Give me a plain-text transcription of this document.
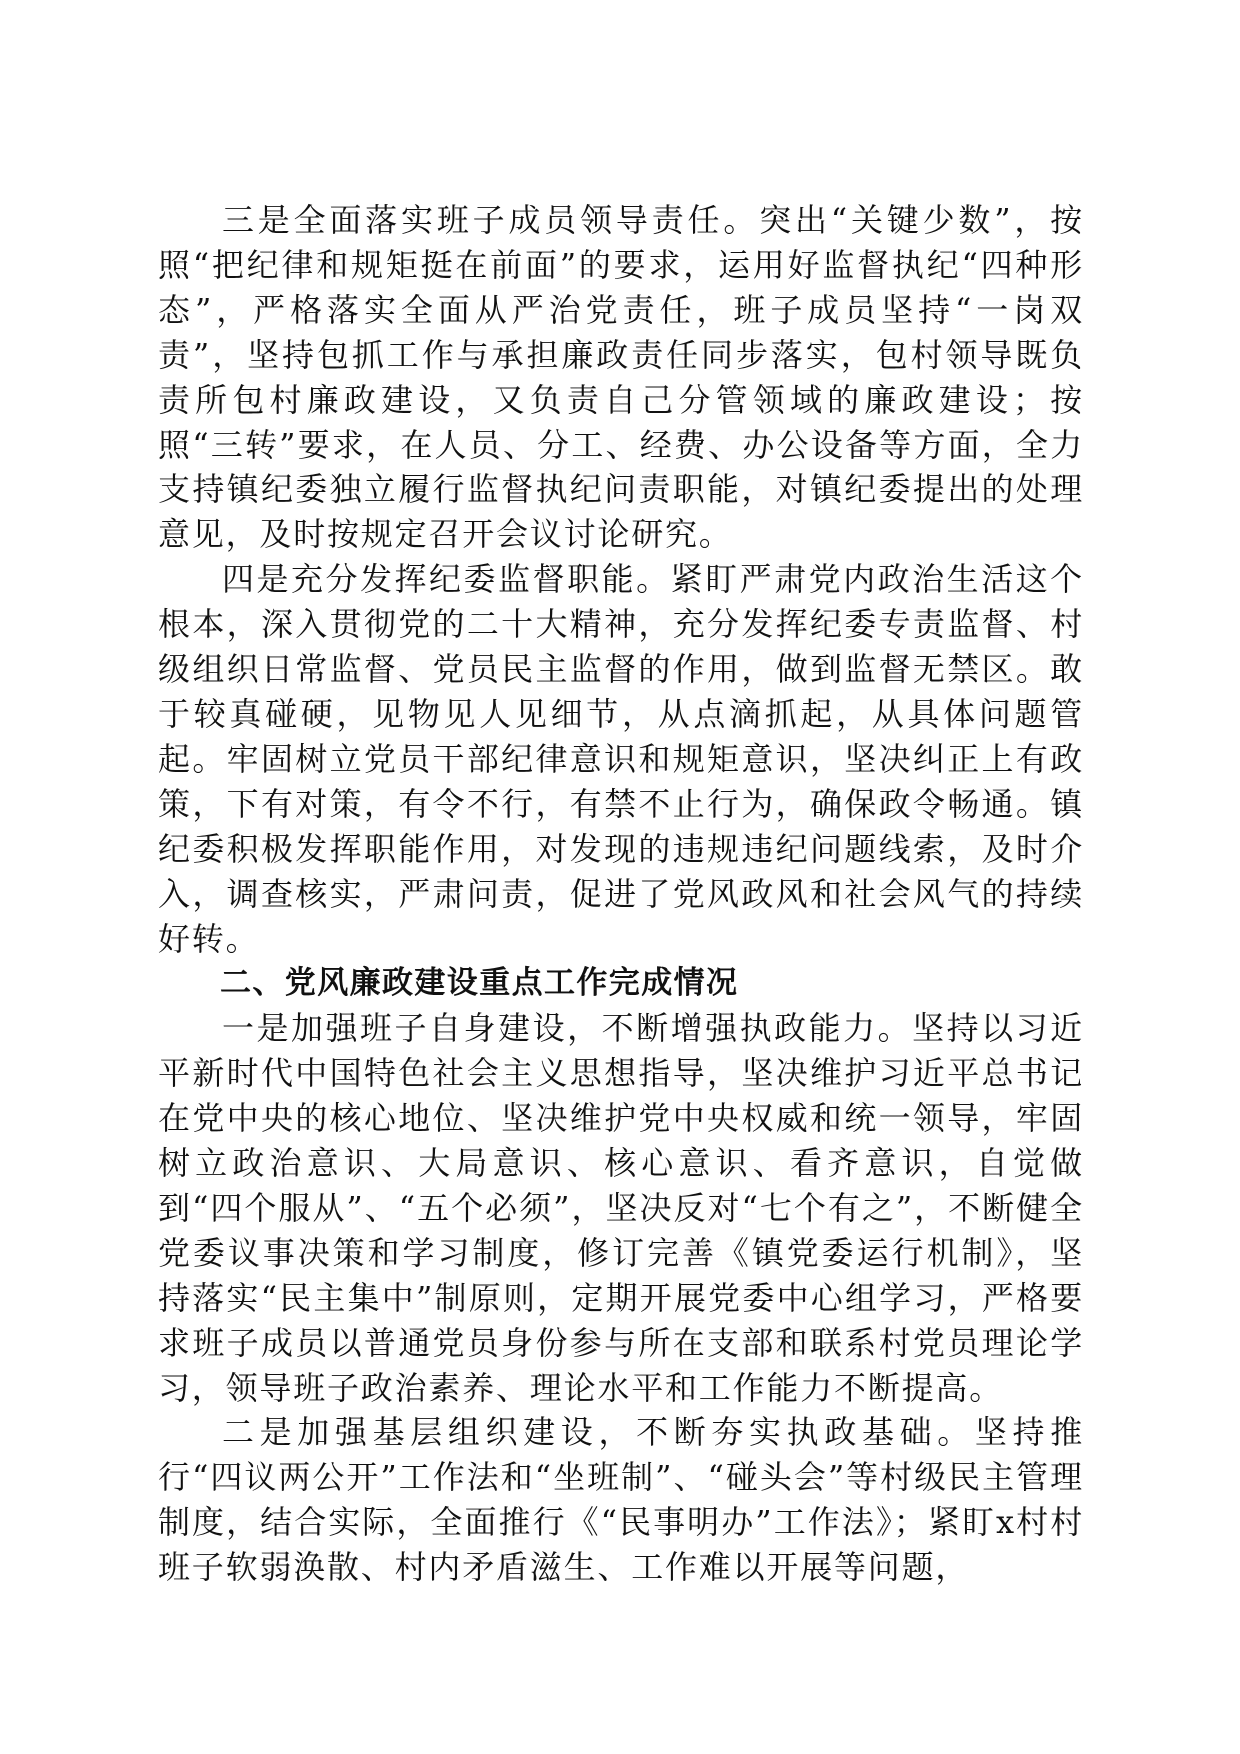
三是全面落实班子成员领导责任。突出“关键少数”，按照“把纪律和规矩挺在前面”的要求，运用好监督执纪“四种形态”，严格落实全面从严治党责任，班子成员坚持“一岗双责”，坚持包抓工作与承担廉政责任同步落实，包村领导既负责所包村廉政建设，又负责自己分管领域的廉政建设；按照“三转”要求，在人员、分工、经费、办公设备等方面，全力支持镇纪委独立履行监督执纪问责职能，对镇纪委提出的处理意见，及时按规定召开会议讨论研究。

四是充分发挥纪委监督职能。紧盯严肃党内政治生活这个根本，深入贯彻党的二十大精神，充分发挥纪委专责监督、村级组织日常监督、党员民主监督的作用，做到监督无禁区。敢于较真碰硬，见物见人见细节，从点滴抓起，从具体问题管起。牢固树立党员干部纪律意识和规矩意识，坚决纠正上有政策，下有对策，有令不行，有禁不止行为，确保政令畅通。镇纪委积极发挥职能作用，对发现的违规违纪问题线索，及时介入，调查核实，严肃问责，促进了党风政风和社会风气的持续好转。

二、党风廉政建设重点工作完成情况

一是加强班子自身建设，不断增强执政能力。坚持以习近平新时代中国特色社会主义思想指导，坚决维护习近平总书记在党中央的核心地位、坚决维护党中央权威和统一领导，牢固树立政治意识、大局意识、核心意识、看齐意识，自觉做到“四个服从”、“五个必须”，坚决反对“七个有之”，不断健全党委议事决策和学习制度，修订完善《镇党委运行机制》，坚持落实“民主集中”制原则，定期开展党委中心组学习，严格要求班子成员以普通党员身份参与所在支部和联系村党员理论学习，领导班子政治素养、理论水平和工作能力不断提高。

二是加强基层组织建设，不断夯实执政基础。坚持推行“四议两公开”工作法和“坐班制”、“碰头会”等村级民主管理制度，结合实际，全面推行《“民事明办”工作法》；紧盯x村村班子软弱涣散、村内矛盾滋生、工作难以开展等问题，
